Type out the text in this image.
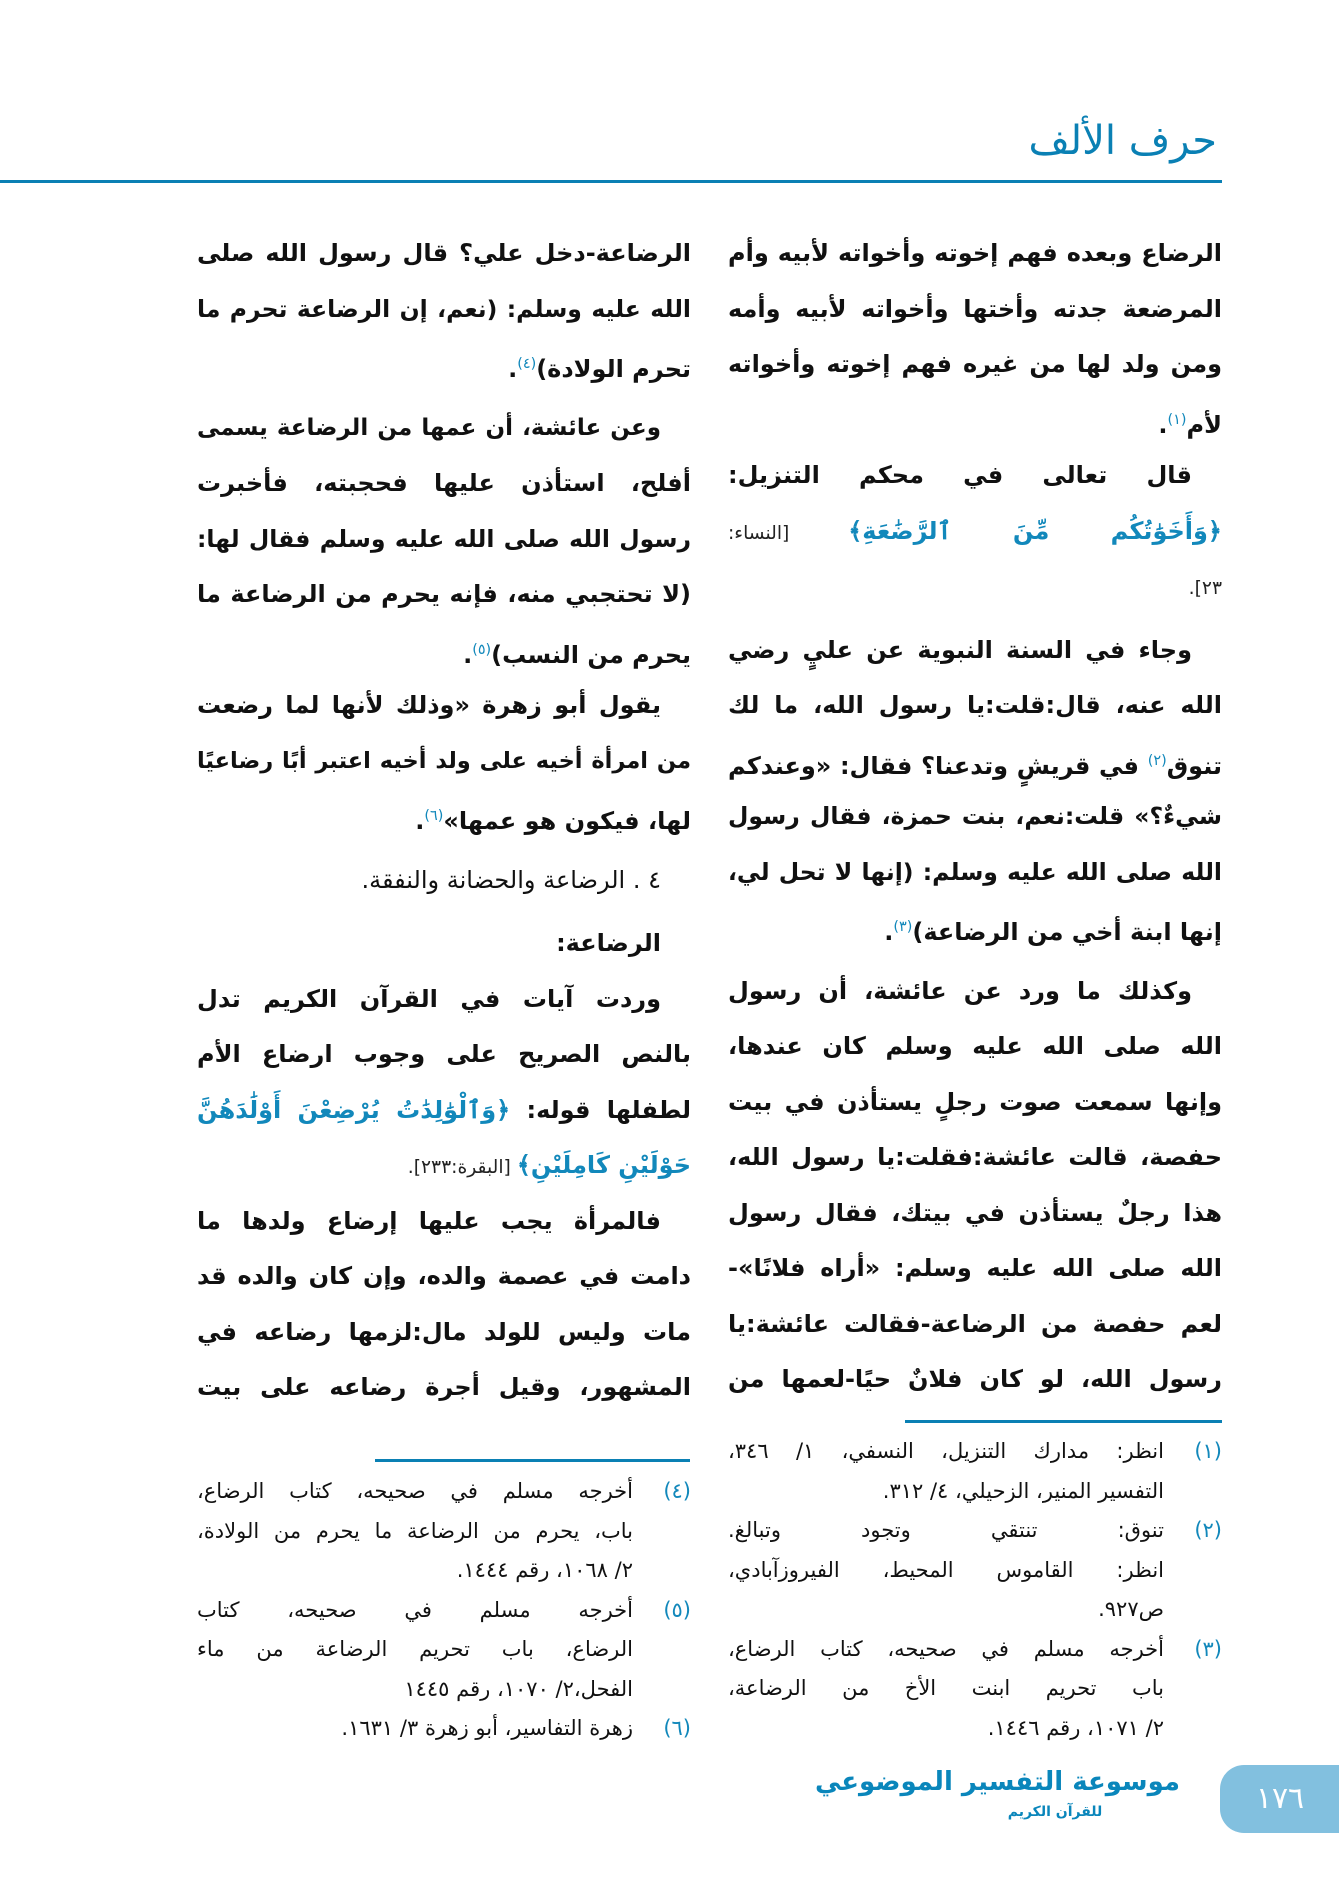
حرف الألف
الرضاع وبعده فهم إخوته وأخواته لأبيه وأم
المرضعة جدته وأختها وأخواته لأبيه وأمه
ومن ولد لها من غيره فهم إخوته وأخواته
لأم$^{(١)}$.
قال تعالى في محكم التنزيل:
﴿وَأَخَوَٰتُكُم مِّنَ ٱلرَّضَٰعَةِ﴾ [النساء:
٢٣].
وجاء في السنة النبوية عن عليٍ رضي
الله عنه، قال:قلت:يا رسول الله، ما لك
تنوق$^{(٢)}$ في قريشٍ وتدعنا؟ فقال: «وعندكم
شيءٌ؟» قلت:نعم، بنت حمزة، فقال رسول
الله صلى الله عليه وسلم: (إنها لا تحل لي،
إنها ابنة أخي من الرضاعة)$^{(٣)}$.
وكذلك ما ورد عن عائشة، أن رسول
الله صلى الله عليه وسلم كان عندها،
وإنها سمعت صوت رجلٍ يستأذن في بيت
حفصة، قالت عائشة:فقلت:يا رسول الله،
هذا رجلٌ يستأذن في بيتك، فقال رسول
الله صلى الله عليه وسلم: «أراه فلانًا»-
لعم حفصة من الرضاعة-فقالت عائشة:يا
رسول الله، لو كان فلانٌ حيًا-لعمها من
الرضاعة-دخل علي؟ قال رسول الله صلى
الله عليه وسلم: (نعم، إن الرضاعة تحرم ما
تحرم الولادة)$^{(٤)}$.
وعن عائشة، أن عمها من الرضاعة يسمى
أفلح، استأذن عليها فحجبته، فأخبرت
رسول الله صلى الله عليه وسلم فقال لها:
(لا تحتجبي منه، فإنه يحرم من الرضاعة ما
يحرم من النسب)$^{(٥)}$.
يقول أبو زهرة «وذلك لأنها لما رضعت
من امرأة أخيه على ولد أخيه اعتبر أبًا رضاعيًا
لها، فيكون هو عمها»$^{(٦)}$.
٤ . الرضاعة والحضانة والنفقة.
الرضاعة:
وردت آيات في القرآن الكريم تدل
بالنص الصريح على وجوب ارضاع الأم
لطفلها قوله: ﴿وَٱلْوَٰلِدَٰتُ يُرْضِعْنَ أَوْلَٰدَهُنَّ
حَوْلَيْنِ كَامِلَيْنِ﴾ [البقرة:٢٣٣].
فالمرأة يجب عليها إرضاع ولدها ما
دامت في عصمة والده، وإن كان والده قد
مات وليس للولد مال:لزمها رضاعه في
المشهور، وقيل أجرة رضاعه على بيت
(١)
انظر: مدارك التنزيل، النسفي، ١/ ٣٤٦،
التفسير المنير، الزحيلي، ٤/ ٣١٢.
(٢)
تنوق: تنتقي وتجود وتبالغ.
انظر: القاموس المحيط، الفيروزآبادي،
ص٩٢٧.
(٣)
أخرجه مسلم في صحيحه، كتاب الرضاع،
باب تحريم ابنت الأخ من الرضاعة،
٢/ ١٠٧١، رقم ١٤٤٦.
(٤)
أخرجه مسلم في صحيحه، كتاب الرضاع،
باب، يحرم من الرضاعة ما يحرم من الولادة،
٢/ ١٠٦٨، رقم ١٤٤٤.
(٥)
أخرجه مسلم في صحيحه، كتاب
الرضاع، باب تحريم الرضاعة من ماء
الفحل،٢/ ١٠٧٠، رقم ١٤٤٥
(٦)
زهرة التفاسير، أبو زهرة ٣/ ١٦٣١.
موسوعة التفسير الموضوعي
للقرآن الكريم	١٧٦
